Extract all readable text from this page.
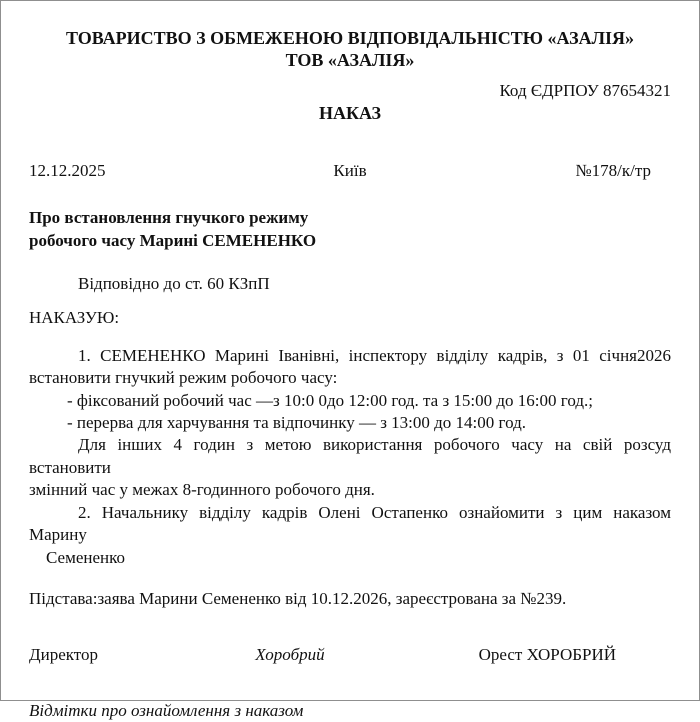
ТОВАРИСТВО З ОБМЕЖЕНОЮ ВІДПОВІДАЛЬНІСТЮ «АЗАЛІЯ»
ТОВ «АЗАЛІЯ»
Код ЄДРПОУ 87654321
НАКАЗ
12.12.2025	Київ	№178/к/тр
Про встановлення гнучкого режиму
робочого часу Марині СЕМЕНЕНКО
Відповідно до ст. 60 КЗпП
НАКАЗУЮ:
1. СЕМЕНЕНКО Марині Іванівні, інспектору відділу кадрів, з 01 січня2026
встановити гнучкий режим робочого часу:
- фіксований робочий час —з 10:0 0до 12:00 год. та з 15:00 до 16:00 год.;
- перерва для харчування та відпочинку — з 13:00 до 14:00 год.
Для інших 4 годин з метою використання робочого часу на свій розсуд встановити
змінний час у межах 8-годинного робочого дня.
2. Начальнику відділу кадрів Олені Остапенко ознайомити з цим наказом Марину
Семененко
Підстава:заява Марини Семененко від 10.12.2026, зареєстрована за №239.
Директор	Хоробрий	Орест ХОРОБРИЙ
Відмітки про ознайомлення з наказом
